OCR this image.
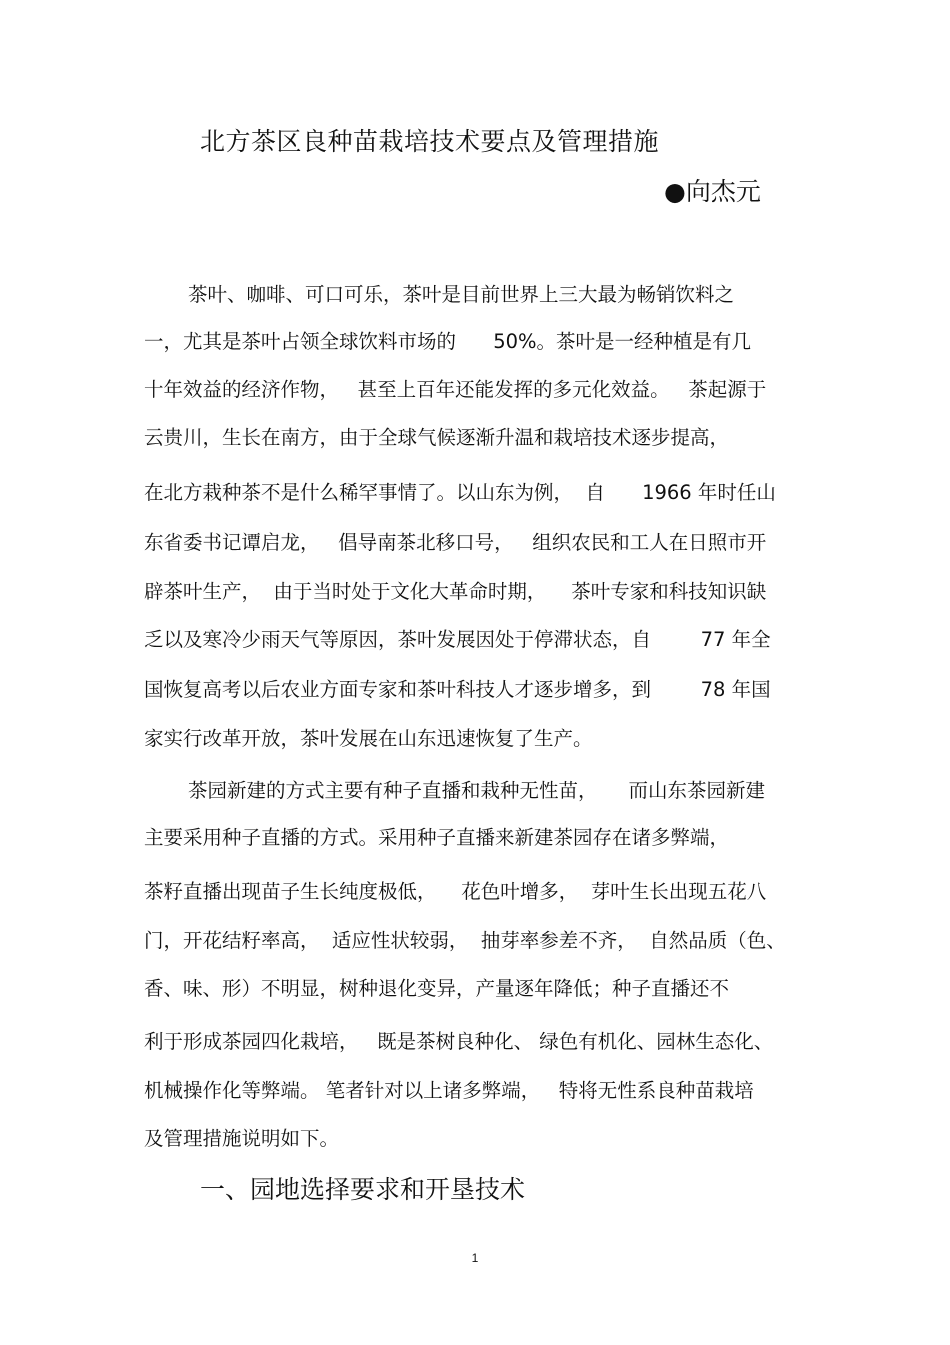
北方茶区良种苗栽培技术要点及管理措施
●向杰元
茶叶、咖啡、可口可乐，茶叶是目前世界上三大最为畅销饮料之
一，尤其是茶叶占领全球饮料市场的      50%。茶叶是一经种植是有几
十年效益的经济作物，   甚至上百年还能发挥的多元化效益。   茶起源于
云贵川，生长在南方，由于全球气候逐渐升温和栽培技术逐步提高，
在北方栽种茶不是什么稀罕事情了。以山东为例，  自      1966 年时任山
东省委书记谭启龙，   倡导南茶北移口号，   组织农民和工人在日照市开
辟茶叶生产，  由于当时处于文化大革命时期，    茶叶专家和科技知识缺
乏以及寒冷少雨天气等原因，茶叶发展因处于停滞状态，自        77 年全
国恢复高考以后农业方面专家和茶叶科技人才逐步增多，到        78 年国
家实行改革开放，茶叶发展在山东迅速恢复了生产。
茶园新建的方式主要有种子直播和栽种无性苗，     而山东茶园新建
主要采用种子直播的方式。采用种子直播来新建茶园存在诸多弊端，
茶籽直播出现苗子生长纯度极低，    花色叶增多，  芽叶生长出现五花八
门，开花结籽率高，  适应性状较弱，  抽芽率参差不齐，  自然品质（色、
香、味、形）不明显，树种退化变异，产量逐年降低；种子直播还不
利于形成茶园四化栽培，   既是茶树良种化、 绿色有机化、园林生态化、
机械操作化等弊端。 笔者针对以上诸多弊端，   特将无性系良种苗栽培
及管理措施说明如下。
一、园地选择要求和开垦技术
1
